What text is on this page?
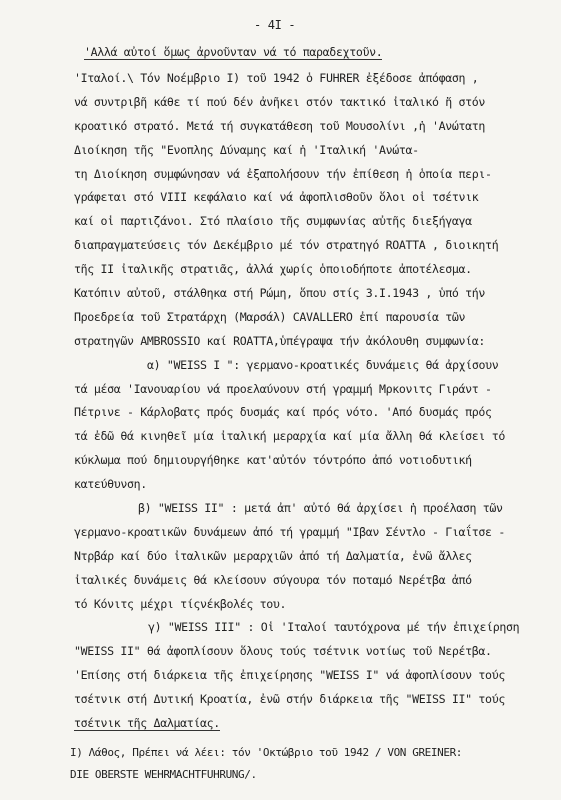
- 4I -
'Αλλά αὐτοί ὅμως ἀρνοῦνταν νά τό παραδεχτοῦν.
'Ιταλοί.\ Τόν Νοέμβριο I) τοῦ 1942 ὁ FUHRER ἐξέδοσε ἀπόφαση ,
νά συντριβῆ κάθε τί πού δέν ἀνῆκει στόν τακτικό ἰταλικό ἤ στόν
κροατικό στρατό. Μετά τή συγκατάθεση τοῦ Μουσολίνι ,ἡ 'Ανώτατη
Διοίκηση τῆς "Ενοπλης Δύναμης καί ἡ 'Ιταλική 'Ανώτα-
τη Διοίκηση συμφώνησαν νά ἐξαπολήσουν τήν ἐπίθεση ἡ ὁποία περι-
γράφεται στό VIII κεφάλαιο καί νά ἀφοπλισθοῦν ὅλοι οἱ τσέτνικ
καί οἱ παρτιζάνοι. Στό πλαίσιο τῆς συμφωνίας αὐτῆς διεξήγαγα
διαπραγματεύσεις τόν Δεκέμβριο μέ τόν στρατηγό ROATTA , διοικητή
τῆς II ἰταλικῆς στρατιᾶς, ἀλλά χωρίς ὁποιοδήποτε ἀποτέλεσμα.
Κατόπιν αὐτοῦ, στάλθηκα στή Ρώμη, ὅπου στίς 3.I.1943 , ὑπό τήν
Προεδρεία τοῦ Στρατάρχη (Μαρσάλ) CAVALLERO ἐπί παρουσία τῶν
στρατηγῶν AMBROSSIO καί ROATTA,ὑπέγραψα τήν ἀκόλουθη συμφωνία:
α) "WEISS I ": γερμανο-κροατικές δυνάμεις θά ἀρχίσουν
τά μέσα 'Ιανουαρίου νά προελαύνουν στή γραμμή Μρκονιτς Γιράντ -
Πέτρινε - Κάρλοβατς πρός δυσμάς καί πρός νότο. 'Από δυσμάς πρός
τά ἐδῶ θά κινηθεῖ μία ἰταλική μεραρχία καί μία ἄλλη θά κλείσει τό
κύκλωμα πού δημιουργήθηκε κατ'αὐτόν τόντρόπο ἀπό νοτιοδυτική
κατεύθυνση.
β) "WEISS II" : μετά ἀπ' αὐτό θά ἀρχίσει ἡ προέλαση τῶν
γερμανο-κροατικῶν δυνάμεων ἀπό τή γραμμή "Ιβαν Σέντλο - Γιαΐτσε -
Ντρβάρ καί δύο ἰταλικῶν μεραρχιῶν ἀπό τή Δαλματία, ἐνῶ ἄλλες
ἰταλικές δυνάμεις θά κλείσουν σύγουρα τόν ποταμό Νερέτβα ἀπό
τό Κόνιτς μέχρι τίςνέκβολές του.
γ) "WEISS III" : Οἱ 'Ιταλοί ταυτόχρονα μέ τήν ἐπιχείρηση
"WEISS II" θά ἀφοπλίσουν ὅλους τούς τσέτνικ νοτίως τοῦ Νερέτβα.
'Επίσης στή διάρκεια τῆς ἐπιχείρησης "WEISS I" νά ἀφοπλίσουν τούς
τσέτνικ στή Δυτική Κροατία, ἐνῶ στήν διάρκεια τῆς "WEISS II" τούς
τσέτνικ τῆς Δαλματίας.
I) Λάθος, Πρέπει νά λέει: τόν 'Οκτώβριο τοῦ 1942 / VON GREINER:
DIE OBERSTE WEHRMACHTFUHRUNG/.
